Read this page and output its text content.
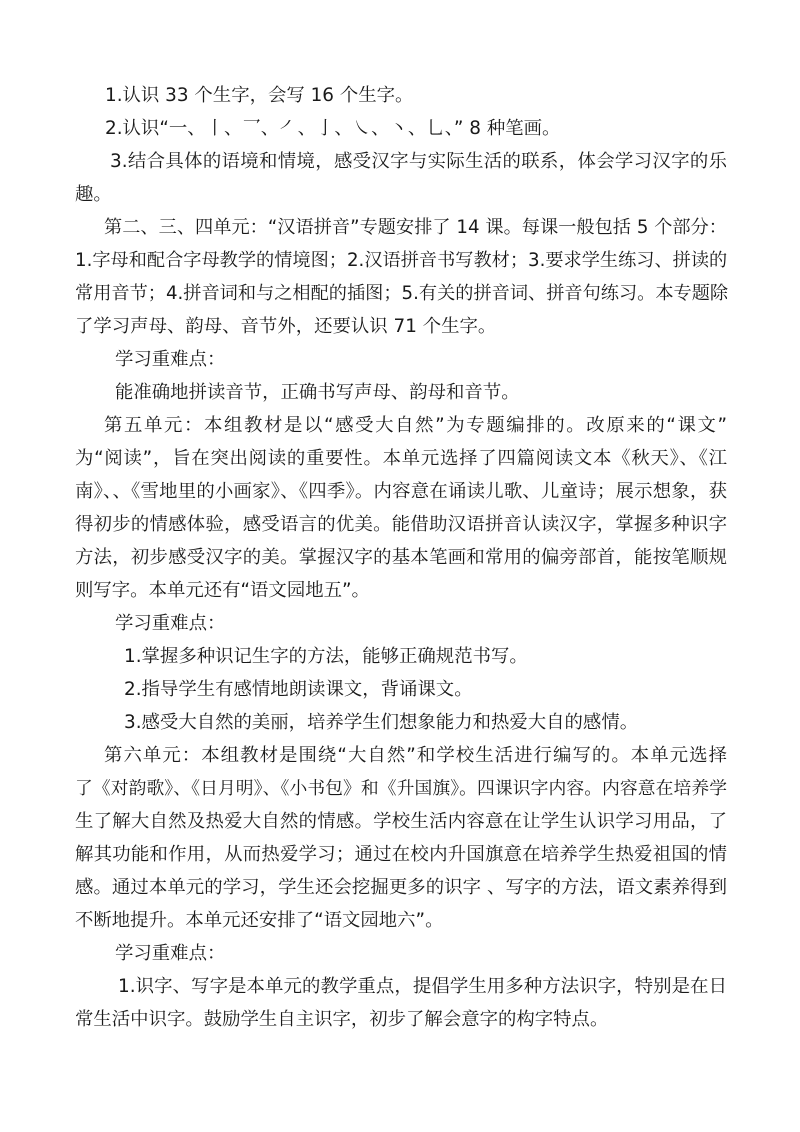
1.认识 33 个生字，会写 16 个生字。
2.认识“一、丨、乛、㇒、亅、㇏、丶、乚、” 8 种笔画。
3.结合具体的语境和情境，感受汉字与实际生活的联系，体会学习汉字的乐
趣。
第二、三、四单元：“汉语拼音”专题安排了 14 课。每课一般包括 5 个部分：
1.字母和配合字母教学的情境图；2.汉语拼音书写教材；3.要求学生练习、拼读的
常用音节；4.拼音词和与之相配的插图；5.有关的拼音词、拼音句练习。本专题除
了学习声母、韵母、音节外，还要认识 71 个生字。
学习重难点：
能准确地拼读音节，正确书写声母、韵母和音节。
第五单元：本组教材是以“感受大自然”为专题编排的。改原来的“课文”
为“阅读”，旨在突出阅读的重要性。本单元选择了四篇阅读文本《秋天》、《江
南》、、《雪地里的小画家》、《四季》。内容意在诵读儿歌、儿童诗；展示想象，获
得初步的情感体验，感受语言的优美。能借助汉语拼音认读汉字，掌握多种识字
方法，初步感受汉字的美。掌握汉字的基本笔画和常用的偏旁部首，能按笔顺规
则写字。本单元还有“语文园地五”。
学习重难点：
1.掌握多种识记生字的方法，能够正确规范书写。
2.指导学生有感情地朗读课文，背诵课文。
3.感受大自然的美丽，培养学生们想象能力和热爱大自的感情。
第六单元：本组教材是围绕“大自然”和学校生活进行编写的。本单元选择
了《对韵歌》、《日月明》、《小书包》和《升国旗》。四课识字内容。内容意在培养学
生了解大自然及热爱大自然的情感。学校生活内容意在让学生认识学习用品，了
解其功能和作用，从而热爱学习；通过在校内升国旗意在培养学生热爱祖国的情
感。通过本单元的学习，学生还会挖掘更多的识字 、写字的方法，语文素养得到
不断地提升。本单元还安排了“语文园地六”。
学习重难点：
1.识字、写字是本单元的教学重点，提倡学生用多种方法识字，特别是在日
常生活中识字。鼓励学生自主识字，初步了解会意字的构字特点。
